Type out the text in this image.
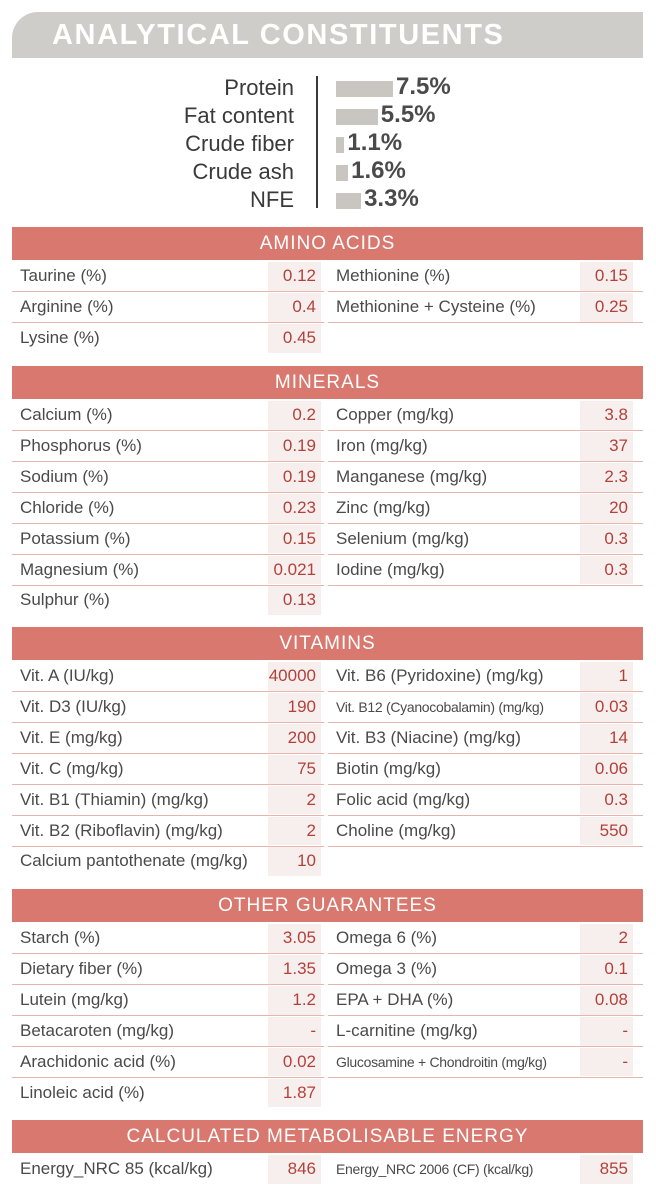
ANALYTICAL CONSTITUENTS
Protein	7.5%
Fat content	5.5%
Crude fiber 1.1%
Crude ash 1.6%
NFE	3.3%
AMINO ACIDS
Taurine (%)	0.12 Methionine (%)	0.15
Arginine (%)	0.4 Methionine + Cysteine (%)	0.25
Lysine (%)	0.45
MINERALS
Calcium (%)	0.2 Copper (mg/kg)	3.8
Phosphorus (%)	0.19 Iron (mg/kg)	37
Sodium (%)	0.19 Manganese (mg/kg)	2.3
Chloride (%)	0.23 Zinc (mg/kg)	20
Potassium (%)	0.15 Selenium (mg/kg)	0.3
Magnesium (%)	0.021 Iodine (mg/kg)	0.3
Sulphur (%)	0.13
VITAMINS
Vit. A (IU/kg)	40000 Vit. B6 (Pyridoxine) (mg/kg)	1
Vit. D3 (IU/kg)	190 Vit. B12 (Cyanocobalamin) (mg/kg)	0.03
Vit. E (mg/kg)	200 Vit. B3 (Niacine) (mg/kg)	14
Vit. C (mg/kg)	75 Biotin (mg/kg)	0.06
Vit. B1 (Thiamin) (mg/kg)	2 Folic acid (mg/kg)	0.3
Vit. B2 (Riboflavin) (mg/kg)	2 Choline (mg/kg)	550
Calcium pantothenate (mg/kg)	10
OTHER GUARANTEES
Starch (%)	3.05 Omega 6 (%)	2
Dietary fiber (%)	1.35 Omega 3 (%)	0.1
Lutein (mg/kg)	1.2 EPA + DHA (%)	0.08
Betacaroten (mg/kg)	- L-carnitine (mg/kg)	-
Arachidonic acid (%)	0.02 Glucosamine + Chondroitin (mg/kg)	-
Linoleic acid (%)	1.87
CALCULATED METABOLISABLE ENERGY
Energy_NRC 85 (kcal/kg)	846 Energy_NRC 2006 (CF) (kcal/kg)	855
